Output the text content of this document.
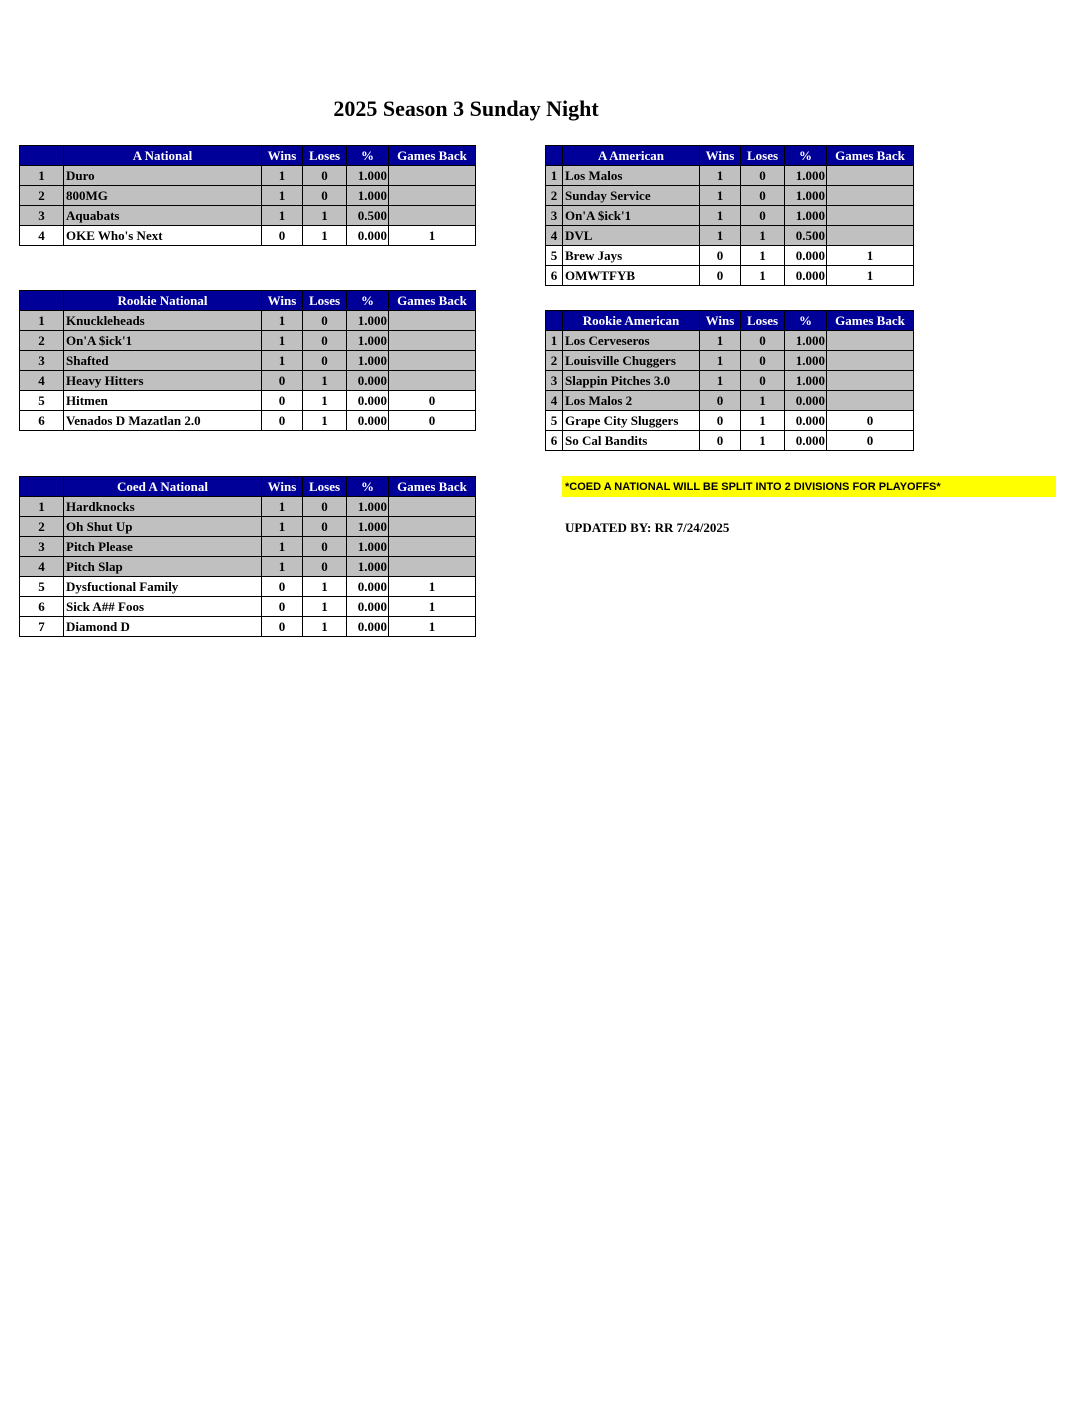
2025 Season 3 Sunday Night
	A National	Wins	Loses	%	Games Back
1	Duro	1	0	1.000	
2	800MG	1	0	1.000	
3	Aquabats	1	1	0.500	
4	OKE Who's Next	0	1	0.000	1
	Rookie National	Wins	Loses	%	Games Back
1	Knuckleheads	1	0	1.000	
2	On'A $ick'1	1	0	1.000	
3	Shafted	1	0	1.000	
4	Heavy Hitters	0	1	0.000	
5	Hitmen	0	1	0.000	0
6	Venados D Mazatlan 2.0	0	1	0.000	0
	Coed A National	Wins	Loses	%	Games Back
1	Hardknocks	1	0	1.000	
2	Oh Shut Up	1	0	1.000	
3	Pitch Please	1	0	1.000	
4	Pitch Slap	1	0	1.000	
5	Dysfuctional Family	0	1	0.000	1
6	Sick A## Foos	0	1	0.000	1
7	Diamond D	0	1	0.000	1
	A American	Wins	Loses	%	Games Back
1	Los Malos	1	0	1.000	
2	Sunday Service	1	0	1.000	
3	On'A $ick'1	1	0	1.000	
4	DVL	1	1	0.500	
5	Brew Jays	0	1	0.000	1
6	OMWTFYB	0	1	0.000	1
	Rookie American	Wins	Loses	%	Games Back
1	Los Cerveseros	1	0	1.000	
2	Louisville Chuggers	1	0	1.000	
3	Slappin Pitches 3.0	1	0	1.000	
4	Los Malos 2	0	1	0.000	
5	Grape City Sluggers	0	1	0.000	0
6	So Cal Bandits	0	1	0.000	0
*COED A NATIONAL WILL BE SPLIT INTO 2 DIVISIONS FOR PLAYOFFS*
UPDATED BY: RR 7/24/2025
